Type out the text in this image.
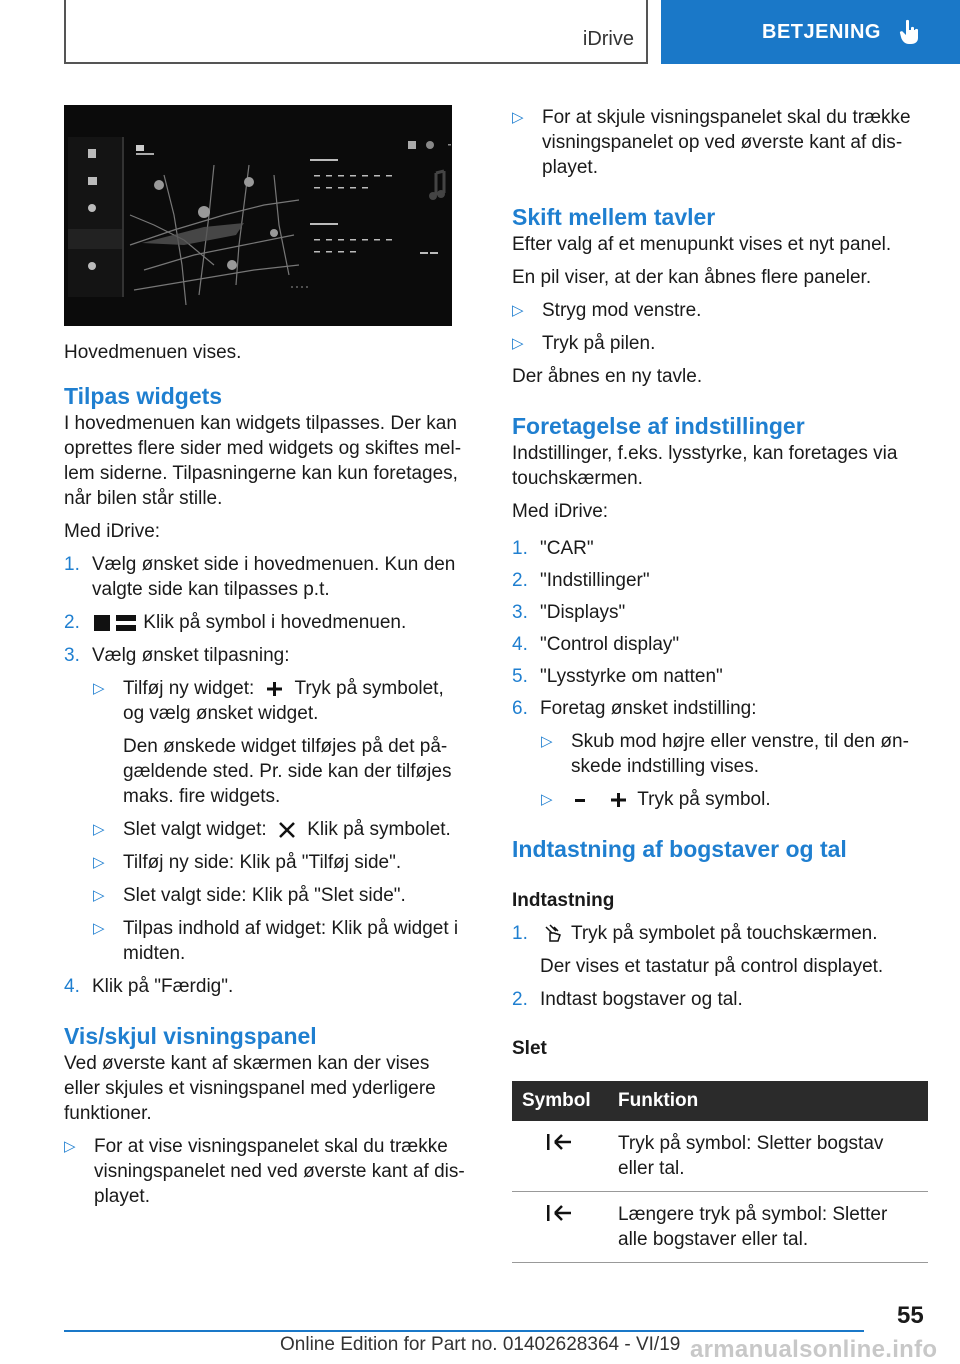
iDrive	BETJENING

Hovedmenuen vises.

Tilpas widgets

I hovedmenuen kan widgets tilpasses. Der kan oprettes flere sider med widgets og skiftes mellem siderne. Tilpasningerne kan kun foretages, når bilen står stille.

Med iDrive:

1. Vælg ønsket side i hovedmenuen. Kun den valgte side kan tilpasses p.t.
2.	Klik på symbol i hovedmenuen.
3. Vælg ønsket tilpasning:
▷ Tilføj ny widget: Tryk på symbolet, og vælg ønsket widget.

Den ønskede widget tilføjes på det pågældende sted. Pr. side kan der tilføjes maks. fire widgets.

▷ Slet valgt widget: Klik på symbolet.
▷ Tilføj ny side: Klik på "Tilføj side".
▷ Slet valgt side: Klik på "Slet side".
▷ Tilpas indhold af widget: Klik på widget i midten.
4. Klik på "Færdig".
Vis/skjul visningspanel

Ved øverste kant af skærmen kan der vises eller skjules et visningspanel med yderligere funktioner.

▷ For at vise visningspanelet skal du trække visningspanelet ned ved øverste kant af displayet.
▷ For at skjule visningspanelet skal du trække visningspanelet op ved øverste kant af displayet.
Skift mellem tavler

Efter valg af et menupunkt vises et nyt panel.

En pil viser, at der kan åbnes flere paneler.

▷ Stryg mod venstre.
▷ Tryk på pilen.

Der åbnes en ny tavle.

Foretagelse af indstillinger

Indstillinger, f.eks. lysstyrke, kan foretages via touchskærmen.

Med iDrive:

1. "CAR"
2. "Indstillinger"
3. "Displays"
4. "Control display"
5. "Lysstyrke om natten"
6. Foretag ønsket indstilling:
▷ Skub mod højre eller venstre, til den ønskede indstilling vises.
▷	Tryk på symbol.
Indtastning af bogstaver og tal
Indtastning
1.	Tryk på symbolet på touchskærmen.

Der vises et tastatur på control displayet.

2. Indtast bogstaver og tal.
Slet
Symbol	Funktion
	Tryk på symbol: Sletter bogstav eller tal.
	Længere tryk på symbol: Sletter alle bogstaver eller tal.
55
Online Edition for Part no. 01402628364 - VI/19 armanualsonline.info
